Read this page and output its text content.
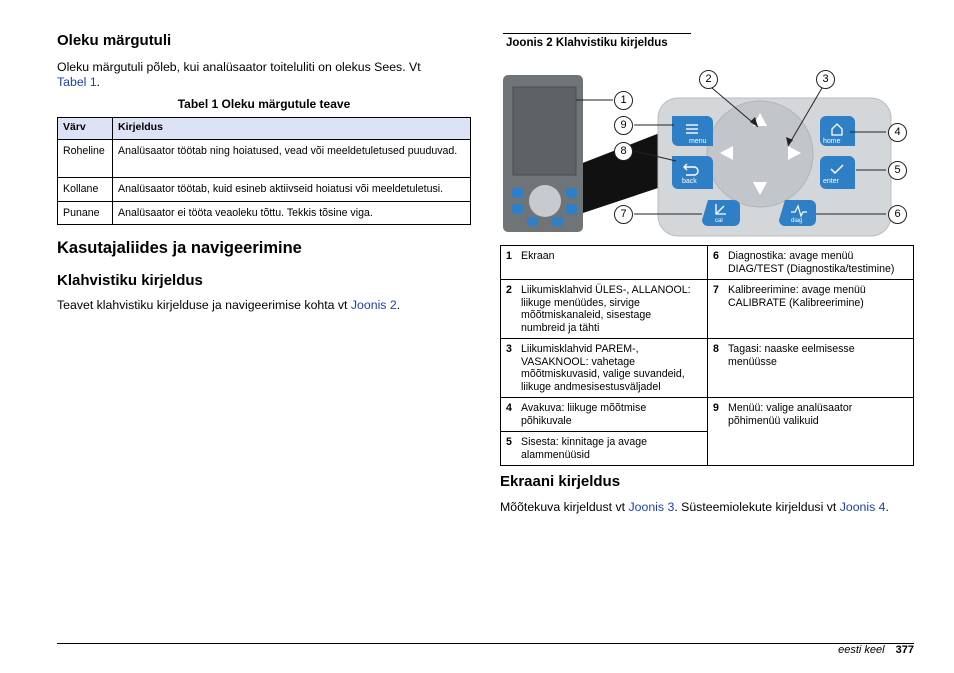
Oleku märgutuli
Oleku märgutuli põleb, kui analüsaator toiteluliti on olekus Sees. Vt
Tabel 1.
Tabel 1 Oleku märgutule teave
Värv	Kirjeldus
Roheline	Analüsaator töötab ning hoiatused, vead või meeldetuletused puuduvad.
Kollane	Analüsaator töötab, kuid esineb aktiivseid hoiatusi või meeldetuletusi.
Punane	Analüsaator ei tööta veaoleku tõttu. Tekkis tõsine viga.
Kasutajaliides ja navigeerimine
Klahvistiku kirjeldus
Teavet klahvistiku kirjelduse ja navigeerimise kohta vt Joonis 2.
Joonis 2 Klahvistiku kirjeldus
menu
back
home
enter
cal	diag
1
2	3
4
5
6
7
8
9
1 Ekraan	6 Diagnostika: avage menüü DIAG/TEST (Diagnostika/testimine)
2 Liikumisklahvid ÜLES-, ALLANOOL: liikuge menüüdes, sirvige mõõtmiskanaleid, sisestage numbreid ja tähti	7 Kalibreerimine: avage menüü CALIBRATE (Kalibreerimine)
3 Liikumisklahvid PAREM-, VASAKNOOL: vahetage mõõtmiskuvasid, valige suvandeid, liikuge andmesisestusväljadel	8 Tagasi: naaske eelmisesse menüüsse
4 Avakuva: liikuge mõõtmise põhikuvale	9 Menüü: valige analüsaator põhimenüü valikuid
5 Sisesta: kinnitage ja avage alammenüüsid	
Ekraani kirjeldus
Mõõtekuva kirjeldust vt Joonis 3. Süsteemiolekute kirjeldusi vt Joonis 4.
eesti keel 377
